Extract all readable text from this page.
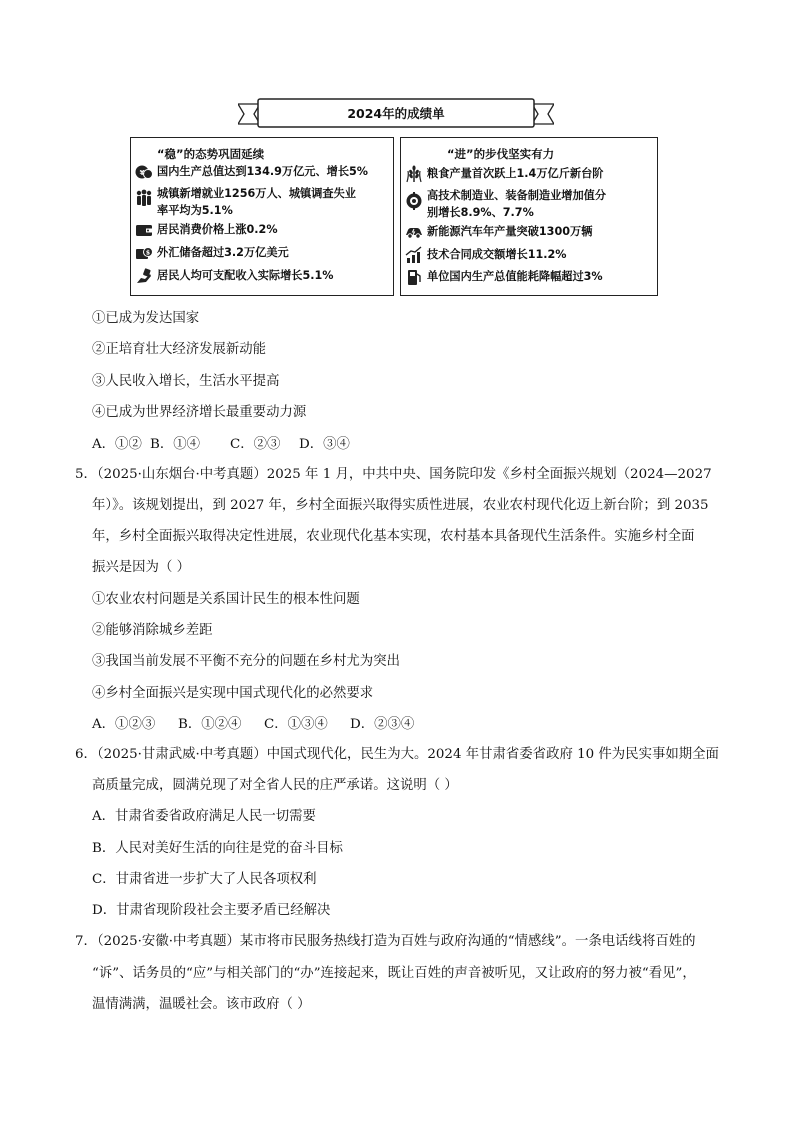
2024年的成绩单
“稳”的态势巩固延续
¥ 国内生产总值达到134.9万亿元、增长5%
城镇新增就业1256万人、城镇调查失业
率平均为5.1%
居民消费价格上涨0.2%
$ 外汇储备超过3.2万亿美元
居民人均可支配收入实际增长5.1%
“进”的步伐坚实有力
粮食产量首次跃上1.4万亿斤新台阶
高技术制造业、装备制造业增加值分
别增长8.9%、7.7%
新能源汽车年产量突破1300万辆
技术合同成交额增长11.2%
单位国内生产总值能耗降幅超过3%
①已成为发达国家
②正培育壮大经济发展新动能
③人民收入增长，生活水平提高
④已成为世界经济增长最重要动力源
A．①② B．①④ C．②③ D．③④
5．（2025·山东烟台·中考真题）2025 年 1 月，中共中央、国务院印发《乡村全面振兴规划（2024—2027
年）》。该规划提出，到 2027 年，乡村全面振兴取得实质性进展，农业农村现代化迈上新台阶；到 2035
年，乡村全面振兴取得决定性进展，农业现代化基本实现，农村基本具备现代生活条件。实施乡村全面
振兴是因为（ ）
①农业农村问题是关系国计民生的根本性问题
②能够消除城乡差距
③我国当前发展不平衡不充分的问题在乡村尤为突出
④乡村全面振兴是实现中国式现代化的必然要求
A．①②③ B．①②④ C．①③④ D．②③④
6．（2025·甘肃武威·中考真题）中国式现代化，民生为大。2024 年甘肃省委省政府 10 件为民实事如期全面
高质量完成，圆满兑现了对全省人民的庄严承诺。这说明（ ）
A．甘肃省委省政府满足人民一切需要
B．人民对美好生活的向往是党的奋斗目标
C．甘肃省进一步扩大了人民各项权利
D．甘肃省现阶段社会主要矛盾已经解决
7．（2025·安徽·中考真题）某市将市民服务热线打造为百姓与政府沟通的“情感线”。一条电话线将百姓的
“诉”、话务员的“应”与相关部门的“办”连接起来，既让百姓的声音被听见，又让政府的努力被“看见”，
温情满满，温暖社会。该市政府（ ）
